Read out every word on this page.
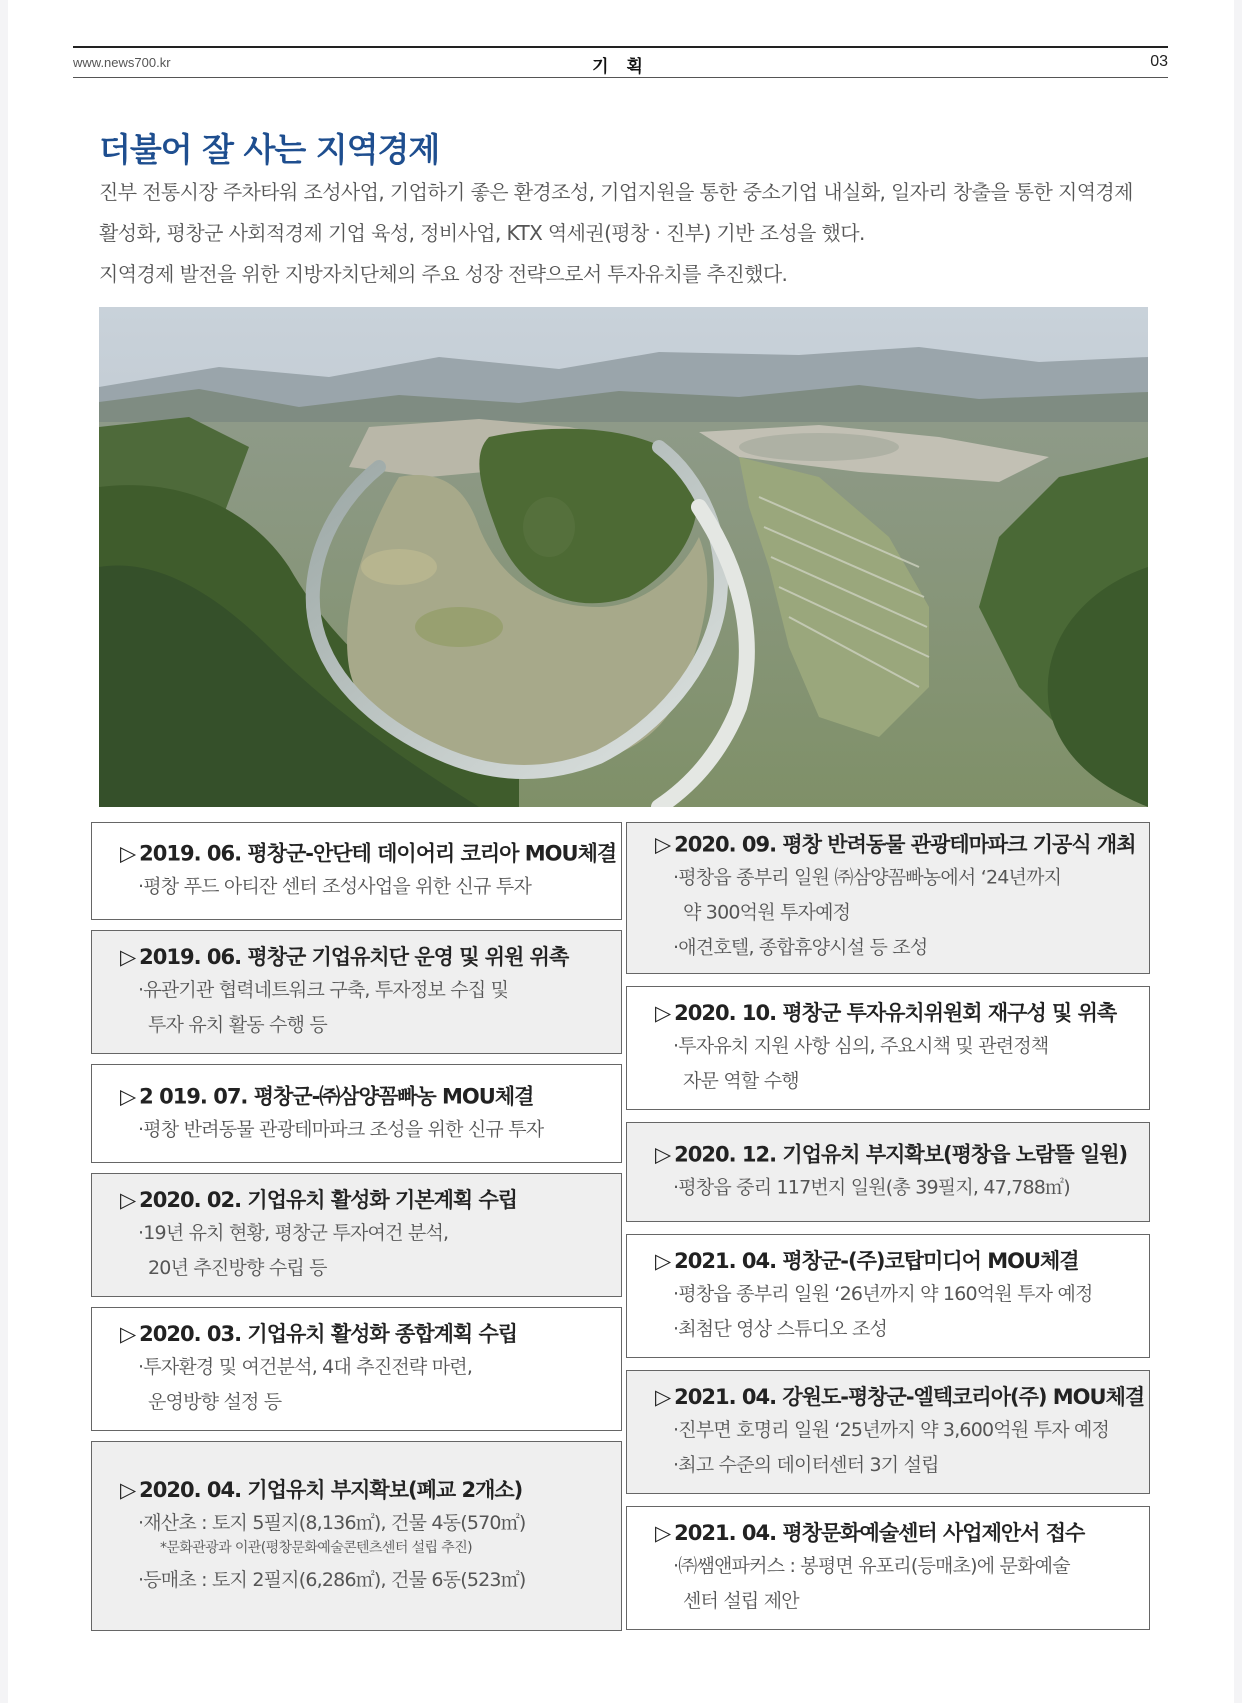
www.news700.kr	기 획	03
더불어 잘 사는 지역경제

진부 전통시장 주차타워 조성사업, 기업하기 좋은 환경조성, 기업지원을 통한 중소기업 내실화, 일자리 창출을 통한 지역경제

활성화, 평창군 사회적경제 기업 육성, 정비사업, KTX 역세권(평창 · 진부) 기반 조성을 했다.

지역경제 발전을 위한 지방자치단체의 주요 성장 전략으로서 투자유치를 추진했다.

▷ 2019. 06. 평창군-안단테 데이어리 코리아 MOU체결
·평창 푸드 아티잔 센터 조성사업을 위한 신규 투자
▷ 2019. 06. 평창군 기업유치단 운영 및 위원 위촉
·유관기관 협력네트워크 구축, 투자정보 수집 및
투자 유치 활동 수행 등
▷ 2 019. 07. 평창군-㈜삼양꼼빠농 MOU체결
·평창 반려동물 관광테마파크 조성을 위한 신규 투자
▷ 2020. 02. 기업유치 활성화 기본계획 수립
·19년 유치 현황, 평창군 투자여건 분석,
20년 추진방향 수립 등
▷ 2020. 03. 기업유치 활성화 종합계획 수립
·투자환경 및 여건분석, 4대 추진전략 마련,
운영방향 설정 등
▷ 2020. 04. 기업유치 부지확보(폐교 2개소)
·재산초 : 토지 5필지(8,136㎡), 건물 4동(570㎡)
*문화관광과 이관(평창문화예술콘텐츠센터 설립 추진)
·등매초 : 토지 2필지(6,286㎡), 건물 6동(523㎡)
▷ 2020. 09. 평창 반려동물 관광테마파크 기공식 개최
·평창읍 종부리 일원 ㈜삼양꼼빠농에서 ‘24년까지
약 300억원 투자예정
·애견호텔, 종합휴양시설 등 조성
▷ 2020. 10. 평창군 투자유치위원회 재구성 및 위촉
·투자유치 지원 사항 심의, 주요시책 및 관련정책
자문 역할 수행
▷ 2020. 12. 기업유치 부지확보(평창읍 노람뜰 일원)
·평창읍 중리 117번지 일원(총 39필지, 47,788㎡)
▷ 2021. 04. 평창군-(주)코탑미디어 MOU체결
·평창읍 종부리 일원 ‘26년까지 약 160억원 투자 예정
·최첨단 영상 스튜디오 조성
▷ 2021. 04. 강원도-평창군-엘텍코리아(주) MOU체결
·진부면 호명리 일원 ‘25년까지 약 3,600억원 투자 예정
·최고 수준의 데이터센터 3기 설립
▷ 2021. 04. 평창문화예술센터 사업제안서 접수
·㈜쌤앤파커스 : 봉평면 유포리(등매초)에 문화예술
센터 설립 제안
